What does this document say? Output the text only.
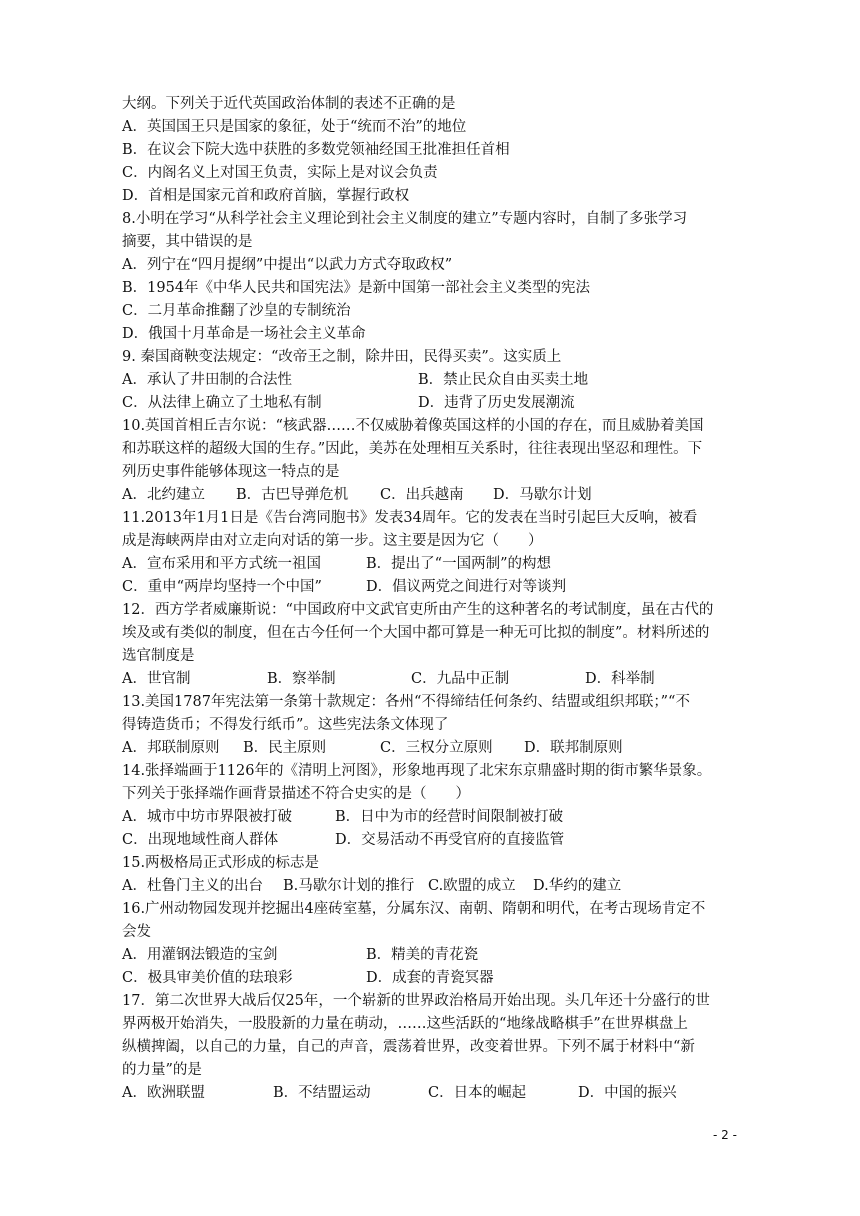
大纲。下列关于近代英国政治体制的表述不正确的是
A．英国国王只是国家的象征，处于“统而不治”的地位
B．在议会下院大选中获胜的多数党领袖经国王批准担任首相
C．内阁名义上对国王负责，实际上是对议会负责
D．首相是国家元首和政府首脑，掌握行政权
8.小明在学习“从科学社会主义理论到社会主义制度的建立”专题内容时，自制了多张学习
摘要，其中错误的是
A．列宁在“四月提纲”中提出“以武力方式夺取政权”
B．1954年《中华人民共和国宪法》是新中国第一部社会主义类型的宪法
C．二月革命推翻了沙皇的专制统治
D．俄国十月革命是一场社会主义革命
9. 秦国商鞅变法规定：“改帝王之制，除井田，民得买卖”。这实质上
10.英国首相丘吉尔说：“核武器……不仅威胁着像英国这样的小国的存在，而且威胁着美国
和苏联这样的超级大国的生存。”因此，美苏在处理相互关系时，往往表现出坚忍和理性。下
列历史事件能够体现这一特点的是
11.2013年1月1日是《告台湾同胞书》发表34周年。它的发表在当时引起巨大反响，被看
成是海峡两岸由对立走向对话的第一步。这主要是因为它（　　）
12．西方学者威廉斯说：“中国政府中文武官吏所由产生的这种著名的考试制度，虽在古代的
埃及或有类似的制度，但在古今任何一个大国中都可算是一种无可比拟的制度”。材料所述的
选官制度是
13.美国1787年宪法第一条第十款规定：各州“不得缔结任何条约、结盟或组织邦联；”“不
得铸造货币；不得发行纸币”。这些宪法条文体现了
14.张择端画于1126年的《清明上河图》，形象地再现了北宋东京鼎盛时期的街市繁华景象。
下列关于张择端作画背景描述不符合史实的是（　　）
15.两极格局正式形成的标志是
16.广州动物园发现并挖掘出4座砖室墓，分属东汉、南朝、隋朝和明代，在考古现场肯定不
会发
17．第二次世界大战后仅25年，一个崭新的世界政治格局开始出现。头几年还十分盛行的世
界两极开始消失，一股股新的力量在萌动，……这些活跃的“地缘战略棋手”在世界棋盘上
纵横捭阖，以自己的力量，自己的声音，震荡着世界，改变着世界。下列不属于材料中“新
的力量”的是
A．承认了井田制的合法性	B．禁止民众自由买卖土地
C．从法律上确立了土地私有制	D．违背了历史发展潮流
A．北约建立 B．古巴导弹危机 C．出兵越南 D．马歇尔计划
A．宣布采用和平方式统一祖国	B．提出了“一国两制”的构想
C．重申“两岸均坚持一个中国”	D．倡议两党之间进行对等谈判
A．世官制	B．察举制	C．九品中正制	D．科举制
A．邦联制原则 B．民主原则	C．三权分立原则 D．联邦制原则
A．城市中坊市界限被打破	B．日中为市的经营时间限制被打破
C．出现地域性商人群体	D．交易活动不再受官府的直接监管
A．杜鲁门主义的出台 B.马歇尔计划的推行 C.欧盟的成立 D.华约的建立
A．用灌钢法锻造的宝剑	B．精美的青花瓷
C．极具审美价值的珐琅彩	D．成套的青瓷冥器
A．欧洲联盟	B．不结盟运动	C．日本的崛起	D．中国的振兴
- 2 -
